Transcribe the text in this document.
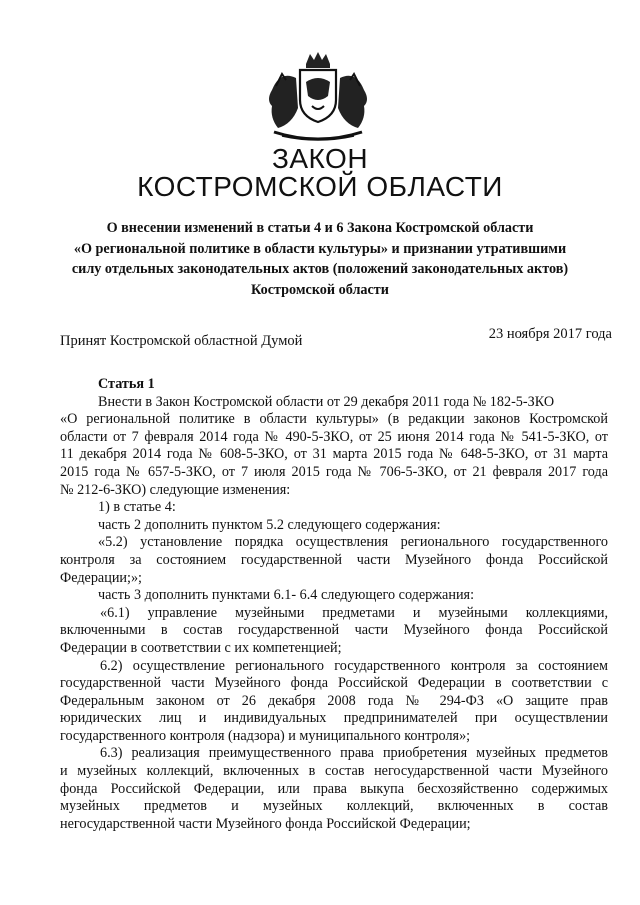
ЗАКОН
КОСТРОМСКОЙ ОБЛАСТИ
О внесении изменений в статьи 4 и 6 Закона Костромской области
«О региональной политике в области культуры» и признании утратившими
силу отдельных законодательных актов (положений законодательных актов)
Костромской области
Принят Костромской областной Думой	23 ноября 2017 года
Статья 1
Внести в Закон Костромской области от 29 декабря 2011 года № 182-5-ЗКО
«О региональной политике в области культуры» (в редакции законов Костромской
области от 7 февраля 2014 года № 490-5-ЗКО, от 25 июня 2014 года № 541-5-ЗКО, от
11 декабря 2014 года № 608-5-ЗКО, от 31 марта 2015 года № 648-5-ЗКО, от 31 марта
2015 года № 657-5-ЗКО, от 7 июля 2015 года № 706-5-ЗКО, от 21 февраля 2017 года
№ 212-6-ЗКО) следующие изменения:
1) в статье 4:
часть 2 дополнить пунктом 5.2 следующего содержания:
«5.2) установление порядка осуществления регионального государственного
контроля за состоянием государственной части Музейного фонда Российской
Федерации;»;
часть 3 дополнить пунктами 6.1- 6.4 следующего содержания:
«6.1) управление музейными предметами и музейными коллекциями,
включенными в состав государственной части Музейного фонда Российской
Федерации в соответствии с их компетенцией;
6.2) осуществление регионального государственного контроля за состоянием
государственной части Музейного фонда Российской Федерации в соответствии с
Федеральным законом от 26 декабря 2008 года № 294-ФЗ «О защите прав
юридических лиц и индивидуальных предпринимателей при осуществлении
государственного контроля (надзора) и муниципального контроля»;
6.3) реализация преимущественного права приобретения музейных предметов
и музейных коллекций, включенных в состав негосударственной части Музейного
фонда Российской Федерации, или права выкупа бесхозяйственно содержимых
музейных предметов и музейных коллекций, включенных в состав
негосударственной части Музейного фонда Российской Федерации;
